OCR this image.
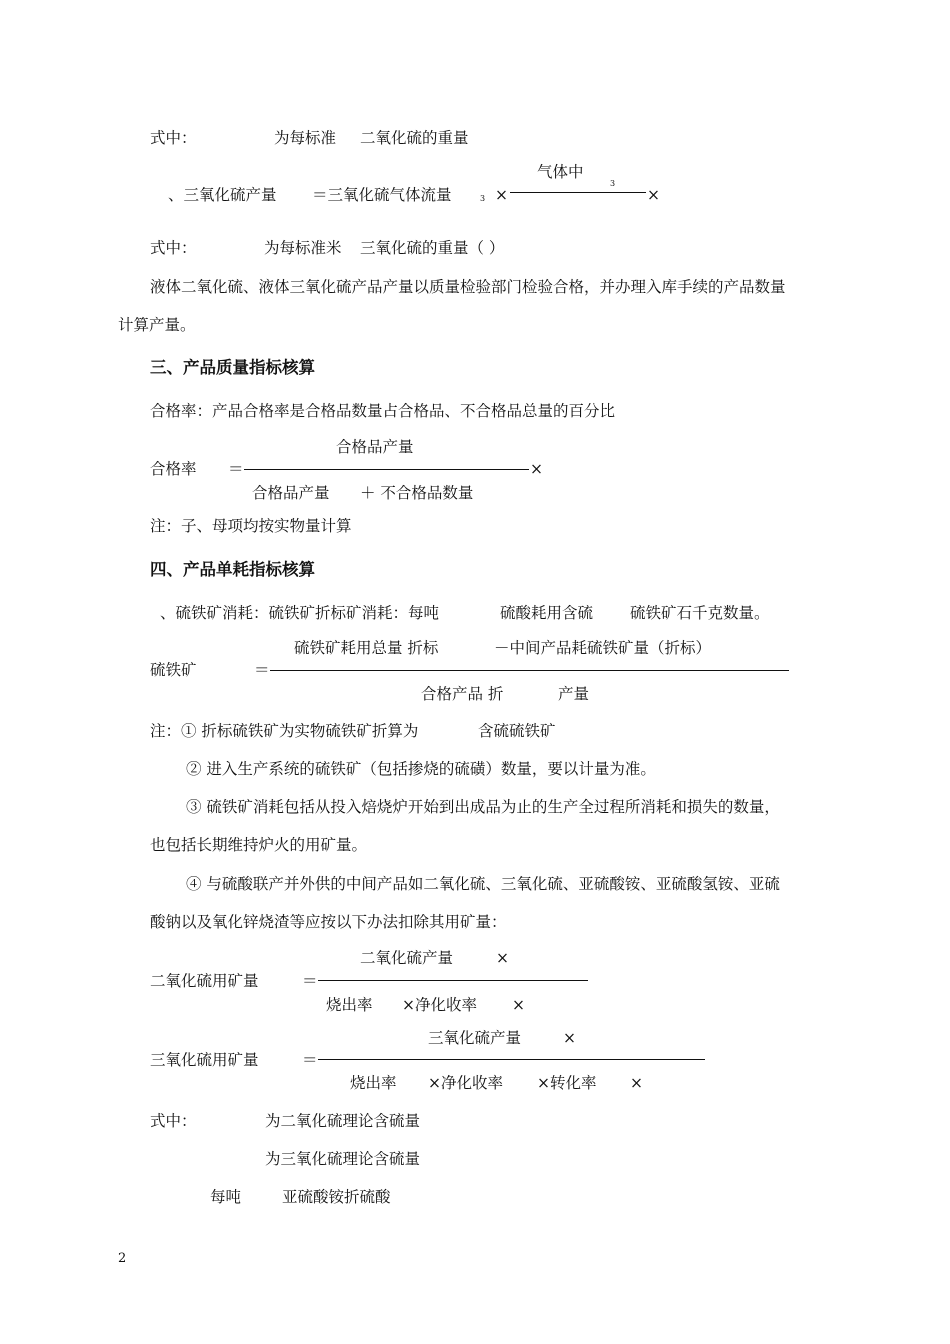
式中：	为每标准 二氧化硫的重量
气体中
3
、三氧化硫产量 ＝三氧化硫气体流量	3 ×	×
式中：	为每标准米 三氧化硫的重量（ ）
液体二氧化硫、液体三氧化硫产品产量以质量检验部门检验合格，并办理入库手续的产品数量
计算产量。
三、产品质量指标核算
合格率：产品合格率是合格品数量占合格品、不合格品总量的百分比
合格品产量
合格率 ＝	×
合格品产量 ＋ 不合格品数量
注：子、母项均按实物量计算
四、产品单耗指标核算
、硫铁矿消耗：硫铁矿折标矿消耗：每吨	硫酸耗用含硫 硫铁矿石千克数量。
硫铁矿耗用总量 折标	－中间产品耗硫铁矿量（折标）
硫铁矿	＝
合格产品 折	产量
注：① 折标硫铁矿为实物硫铁矿折算为	含硫硫铁矿
② 进入生产系统的硫铁矿（包括掺烧的硫磺）数量，要以计量为准。
③ 硫铁矿消耗包括从投入焙烧炉开始到出成品为止的生产全过程所消耗和损失的数量，
也包括长期维持炉火的用矿量。
④ 与硫酸联产并外供的中间产品如二氧化硫、三氧化硫、亚硫酸铵、亚硫酸氢铵、亚硫
酸钠以及氧化锌烧渣等应按以下办法扣除其用矿量：
二氧化硫产量	×
二氧化硫用矿量	＝
烧出率 ×净化收率 ×
三氧化硫产量	×
三氧化硫用矿量	＝
烧出率 ×净化收率 ×转化率 ×
式中：	为二氧化硫理论含硫量
为三氧化硫理论含硫量
每吨	亚硫酸铵折硫酸
2
